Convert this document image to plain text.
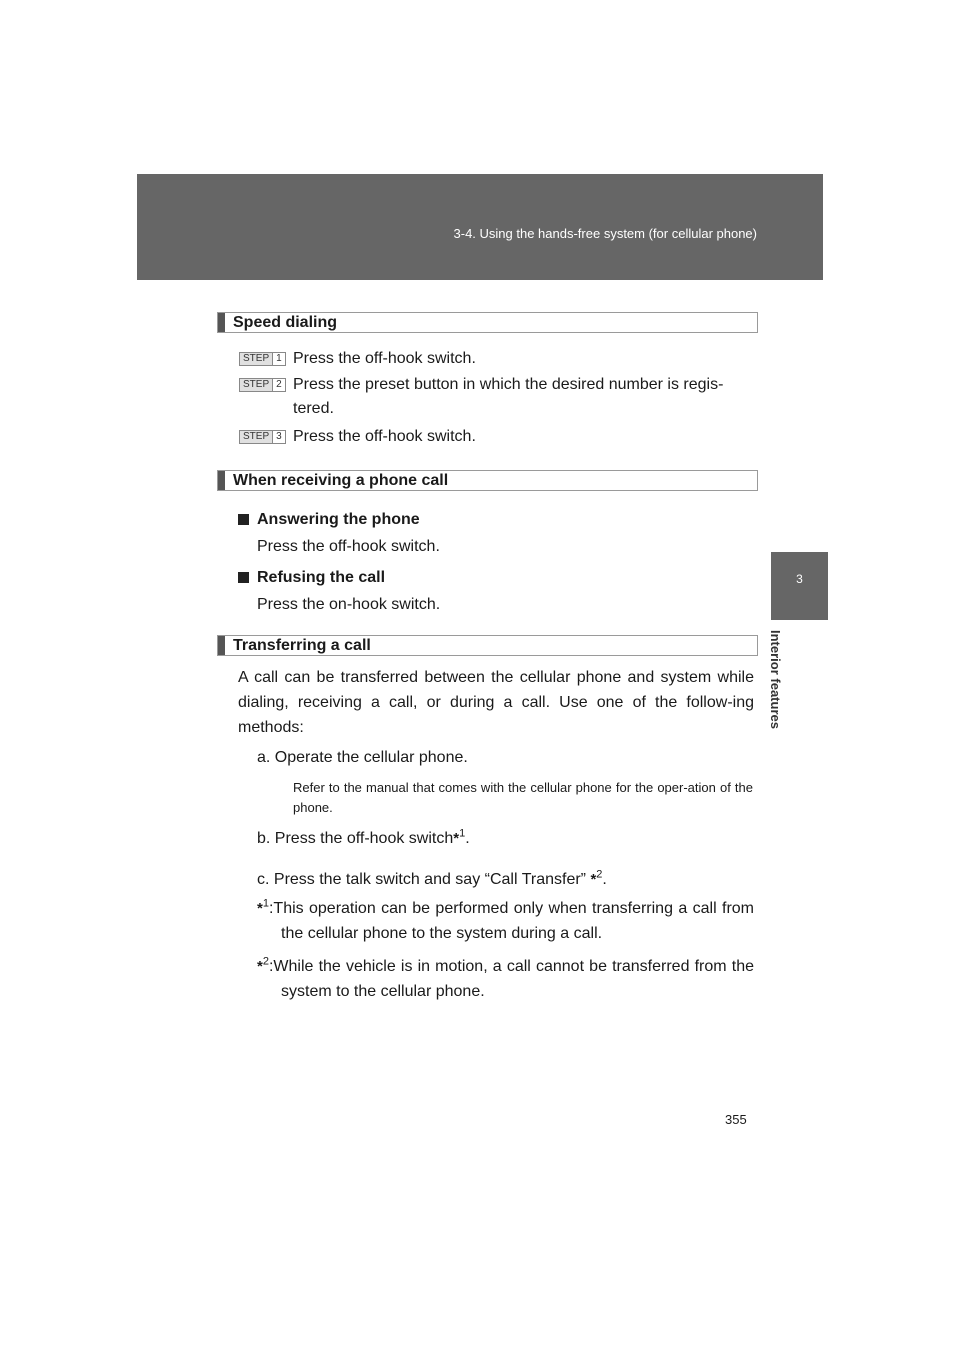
3-4. Using the hands-free system (for cellular phone)
3
Interior features
Speed dialing
STEP 1 Press the off-hook switch.
STEP 2 Press the preset button in which the desired number is regis-
tered.
STEP 3 Press the off-hook switch.
When receiving a phone call
Answering the phone
Press the off-hook switch.
Refusing the call
Press the on-hook switch.
Transferring a call
A call can be transferred between the cellular phone and system while dialing, receiving a call, or during a call. Use one of the follow-ing methods:
a. Operate the cellular phone.
Refer to the manual that comes with the cellular phone for the oper-ation of the phone.
b. Press the off-hook switch*$^1$.
c. Press the talk switch and say “Call Transfer” *$^2$.
*$^1$:This operation can be performed only when transferring a call from the cellular phone to the system during a call.
*$^2$:While the vehicle is in motion, a call cannot be transferred from the system to the cellular phone.
355
